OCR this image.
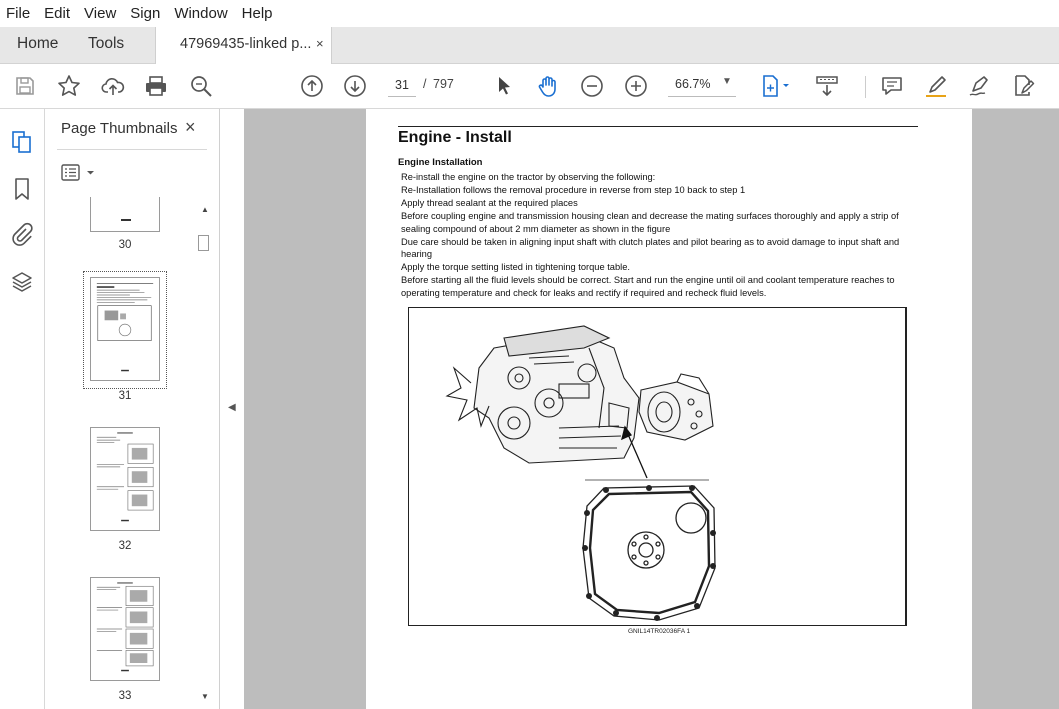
File Edit View Sign Window Help
Home Tools	47969435-linked p... ×
31
/ 797	66.7% ▼
Page Thumbnails ×
30
31
32
33
▲
▼
◀
Engine - Install
Engine Installation

Re-install the engine on the tractor by observing the following:

Re-Installation follows the removal procedure in reverse from step 10 back to step 1

Apply thread sealant at the required places

Before coupling engine and transmission housing clean and decrease the mating surfaces thoroughly and apply a strip of sealing compound of about 2 mm diameter as shown in the figure

Due care should be taken in aligning input shaft with clutch plates and pilot bearing as to avoid damage to input shaft and hearing

Apply the torque setting listed in tightening torque table.

Before starting all the fluid levels should be correct. Start and run the engine until oil and coolant temperature reaches to operating temperature and check for leaks and rectify if required and recheck fluid levels.

GNIL14TR02036FA 1
